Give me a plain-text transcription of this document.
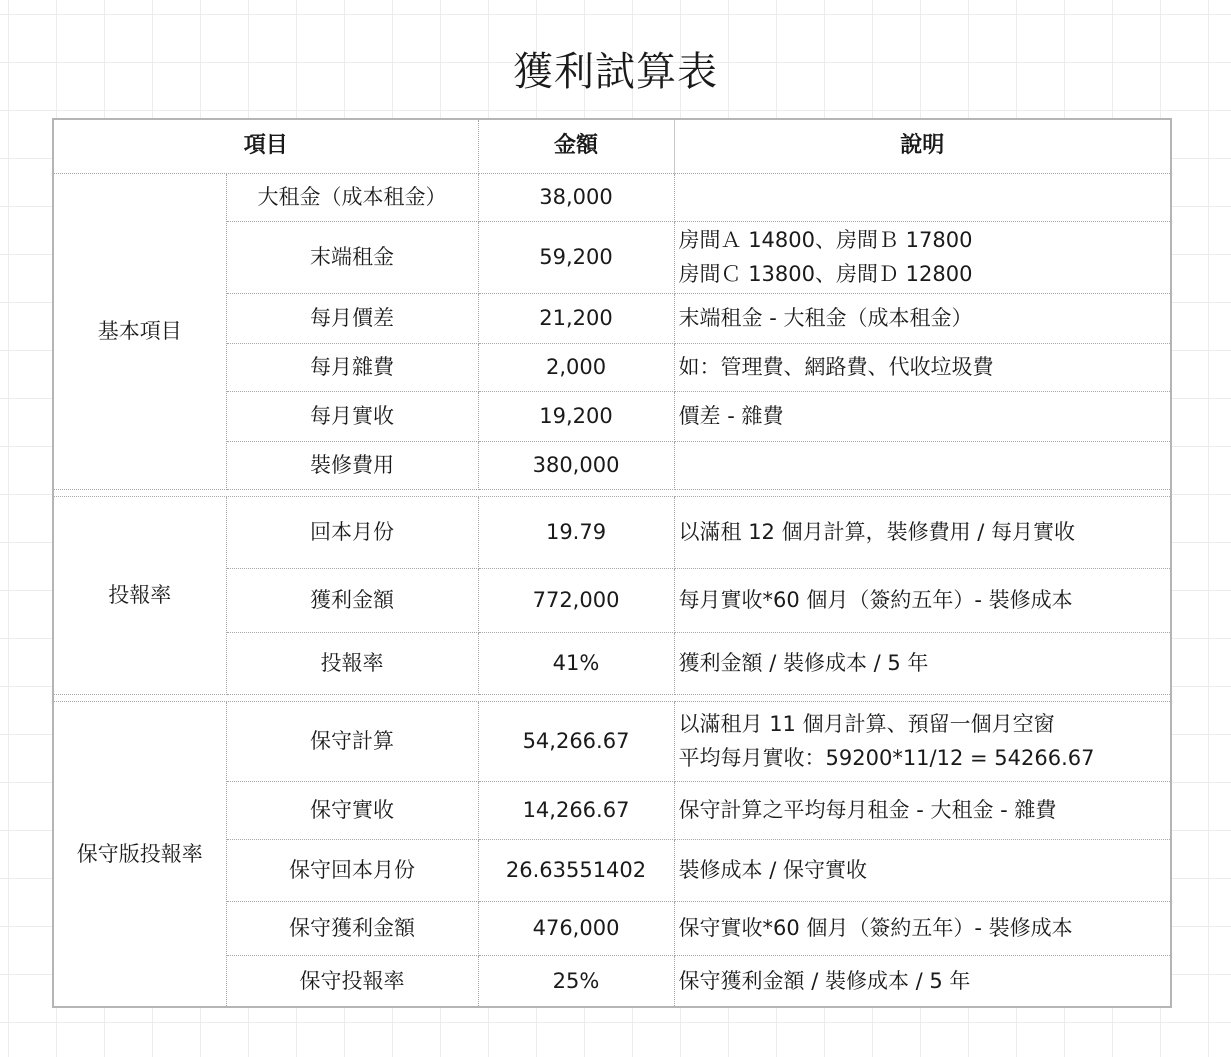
獲利試算表
項目		金額	說明
基本項目	大租金（成本租金）	38,000	
	末端租金	59,200	房間Ａ 14800、房間Ｂ 17800
房間Ｃ 13800、房間Ｄ 12800

	每月價差	21,200	末端租金 - 大租金（成本租金）

	每月雜費	2,000	如：管理費、網路費、代收垃圾費

	每月實收	19,200	價差 - 雜費

	裝修費用	380,000	

投報率	回本月份	19.79	以滿租 12 個月計算，裝修費用 / 每月實收

	獲利金額	772,000	每月實收*60 個月（簽約五年）- 裝修成本

	投報率	41%	獲利金額 / 裝修成本 / 5 年

保守版投報率	保守計算	54,266.67	以滿租月 11 個月計算、預留一個月空窗
平均每月實收：59200*11/12 = 54266.67

	保守實收	14,266.67	保守計算之平均每月租金 - 大租金 - 雜費

	保守回本月份	26.63551402	裝修成本 / 保守實收

	保守獲利金額	476,000	保守實收*60 個月（簽約五年）- 裝修成本

	保守投報率	25%	保守獲利金額 / 裝修成本 / 5 年
